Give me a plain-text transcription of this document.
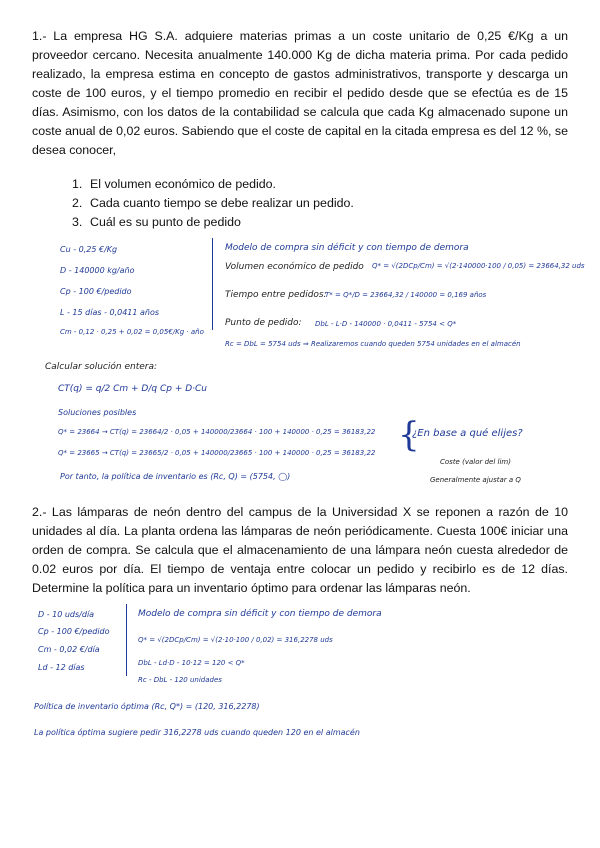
1.- La empresa HG S.A. adquiere materias primas a un coste unitario de 0,25 €/Kg a un proveedor cercano. Necesita anualmente 140.000 Kg de dicha materia prima. Por cada pedido realizado, la empresa estima en concepto de gastos administrativos, transporte y descarga un coste de 100 euros, y el tiempo promedio en recibir el pedido desde que se efectúa es de 15 días. Asimismo, con los datos de la contabilidad se calcula que cada Kg almacenado supone un coste anual de 0,02 euros. Sabiendo que el coste de capital en la citada empresa es del 12 %, se desea conocer,
1. El volumen económico de pedido.
2. Cada cuanto tiempo se debe realizar un pedido.
3. Cuál es su punto de pedido
Cu - 0,25 €/Kg
D - 140000 kg/año
Cp - 100 €/pedido
L - 15 días - 0,0411 años
Cm - 0,12 · 0,25 + 0,02 = 0,05€/Kg · año
Modelo de compra sin déficit y con tiempo de demora
Volumen económico de pedido Q* = √(2DCp/Cm) = √(2·140000·100 / 0,05) = 23664,32 uds
Tiempo entre pedidos:
T* = Q*/D = 23664,32 / 140000 = 0,169 años
Punto de pedido: DbL - L·D - 140000 · 0,0411 - 5754 < Q*
Rc = DbL = 5754 uds ⇒ Realizaremos cuando queden 5754 unidades en el almacén
Calcular solución entera:
CT(q) = q/2 Cm + D/q Cp + D·Cu
Soluciones posibles
Q* = 23664 → CT(q) = 23664/2 · 0,05 + 140000/23664 · 100 + 140000 · 0,25 = 36183,22
Q* = 23665 → CT(q) = 23665/2 · 0,05 + 140000/23665 · 100 + 140000 · 0,25 = 36183,22 {
¿En base a qué elijes?
Coste (valor del lim)
Generalmente ajustar a Q
Por tanto, la política de inventario es (Rc, Q) = (5754, ◯)
2.- Las lámparas de neón dentro del campus de la Universidad X se reponen a razón de 10 unidades al día. La planta ordena las lámparas de neón periódicamente. Cuesta 100€ iniciar una orden de compra. Se calcula que el almacenamiento de una lámpara neón cuesta alrededor de 0.02 euros por día. El tiempo de ventaja entre colocar un pedido y recibirlo es de 12 días. Determine la política para un inventario óptimo para ordenar las lámparas neón.
D - 10 uds/día
Cp - 100 €/pedido
Cm - 0,02 €/día
Ld - 12 días
Modelo de compra sin déficit y con tiempo de demora
Q* = √(2DCp/Cm) = √(2·10·100 / 0,02) = 316,2278 uds
DbL - Ld·D - 10·12 = 120 < Q*
Rc - DbL - 120 unidades
Política de inventario óptima (Rc, Q*) = (120, 316,2278)
La política óptima sugiere pedir 316,2278 uds cuando queden 120 en el almacén
